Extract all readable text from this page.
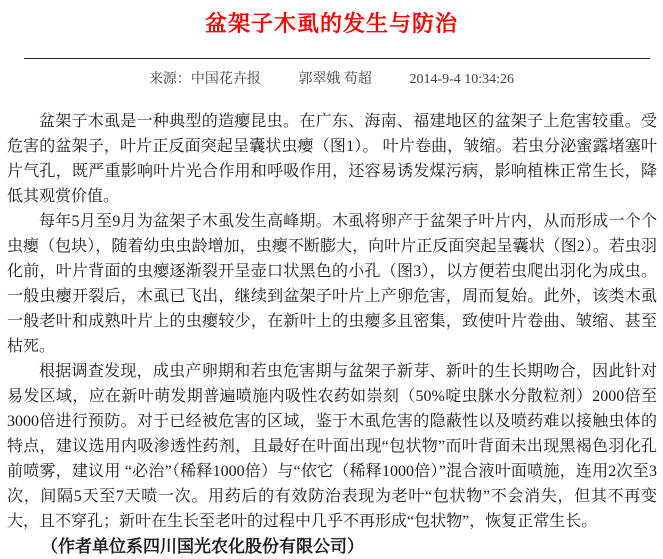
盆架子木虱的发生与防治
来源：中国花卉报	郭翠娥 苟超	2014-9-4 10:34:26

盆架子木虱是一种典型的造瘿昆虫。在广东、海南、福建地区的盆架子上危害较重。受危害的盆架子，叶片正反面突起呈囊状虫瘿（图1）。 叶片卷曲，皱缩。若虫分泌蜜露堵塞叶片气孔，既严重影响叶片光合作用和呼吸作用，还容易诱发煤污病，影响植株正常生长，降低其观赏价值。

每年5月至9月为盆架子木虱发生高峰期。木虱将卵产于盆架子叶片内，从而形成一个个虫瘿（包块），随着幼虫虫龄增加，虫瘿不断膨大，向叶片正反面突起呈囊状（图2）。若虫羽化前，叶片背面的虫瘿逐渐裂开呈壶口状黑色的小孔（图3），以方便若虫爬出羽化为成虫。一般虫瘿开裂后，木虱已飞出，继续到盆架子叶片上产卵危害，周而复始。此外，该类木虱一般老叶和成熟叶片上的虫瘿较少，在新叶上的虫瘿多且密集，致使叶片卷曲、皱缩、甚至枯死。

根据调查发现，成虫产卵期和若虫危害期与盆架子新芽、新叶的生长期吻合，因此针对易发区域，应在新叶萌发期普遍喷施内吸性农药如崇刻（50%啶虫脒水分散粒剂）2000倍至3000倍进行预防。对于已经被危害的区域，鉴于木虱危害的隐蔽性以及喷药难以接触虫体的特点，建议选用内吸渗透性药剂，且最好在叶面出现“包状物”而叶背面未出现黑褐色羽化孔前喷雾，建议用 “必治”（稀释1000倍）与“依它（稀释1000倍）”混合液叶面喷施，连用2次至3次，间隔5天至7天喷一次。用药后的有效防治表现为老叶“包状物”不会消失，但其不再变大，且不穿孔；新叶在生长至老叶的过程中几乎不再形成“包状物”，恢复正常生长。

（作者单位系四川国光农化股份有限公司）
